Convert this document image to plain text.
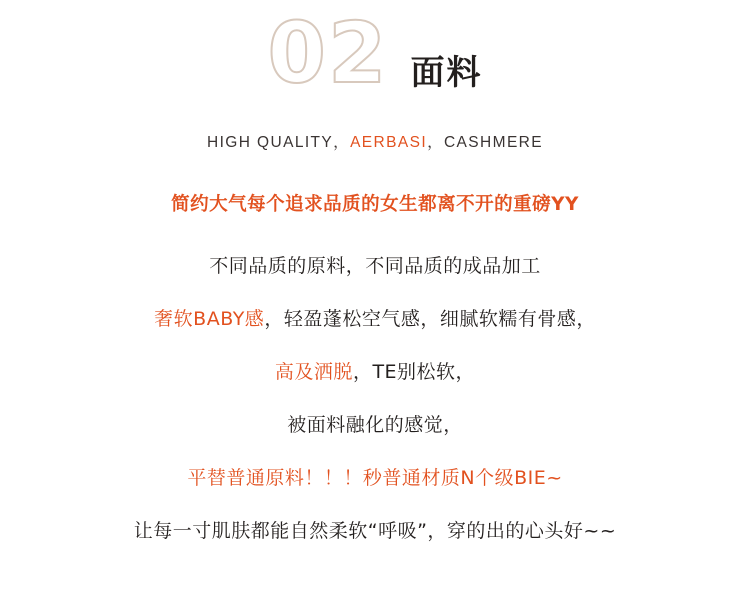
02 面料
HIGH QUALITY，AERBASI，CASHMERE

简约大气每个追求品质的女生都离不开的重磅YY

不同品质的原料，不同品质的成品加工

奢软BABY感，轻盈蓬松空气感，细腻软糯有骨感，

高及洒脱，TE别松软，

被面料融化的感觉，

平替普通原料！！！秒普通材质N个级BIE~

让每一寸肌肤都能自然柔软“呼吸”，穿的出的心头好~~
